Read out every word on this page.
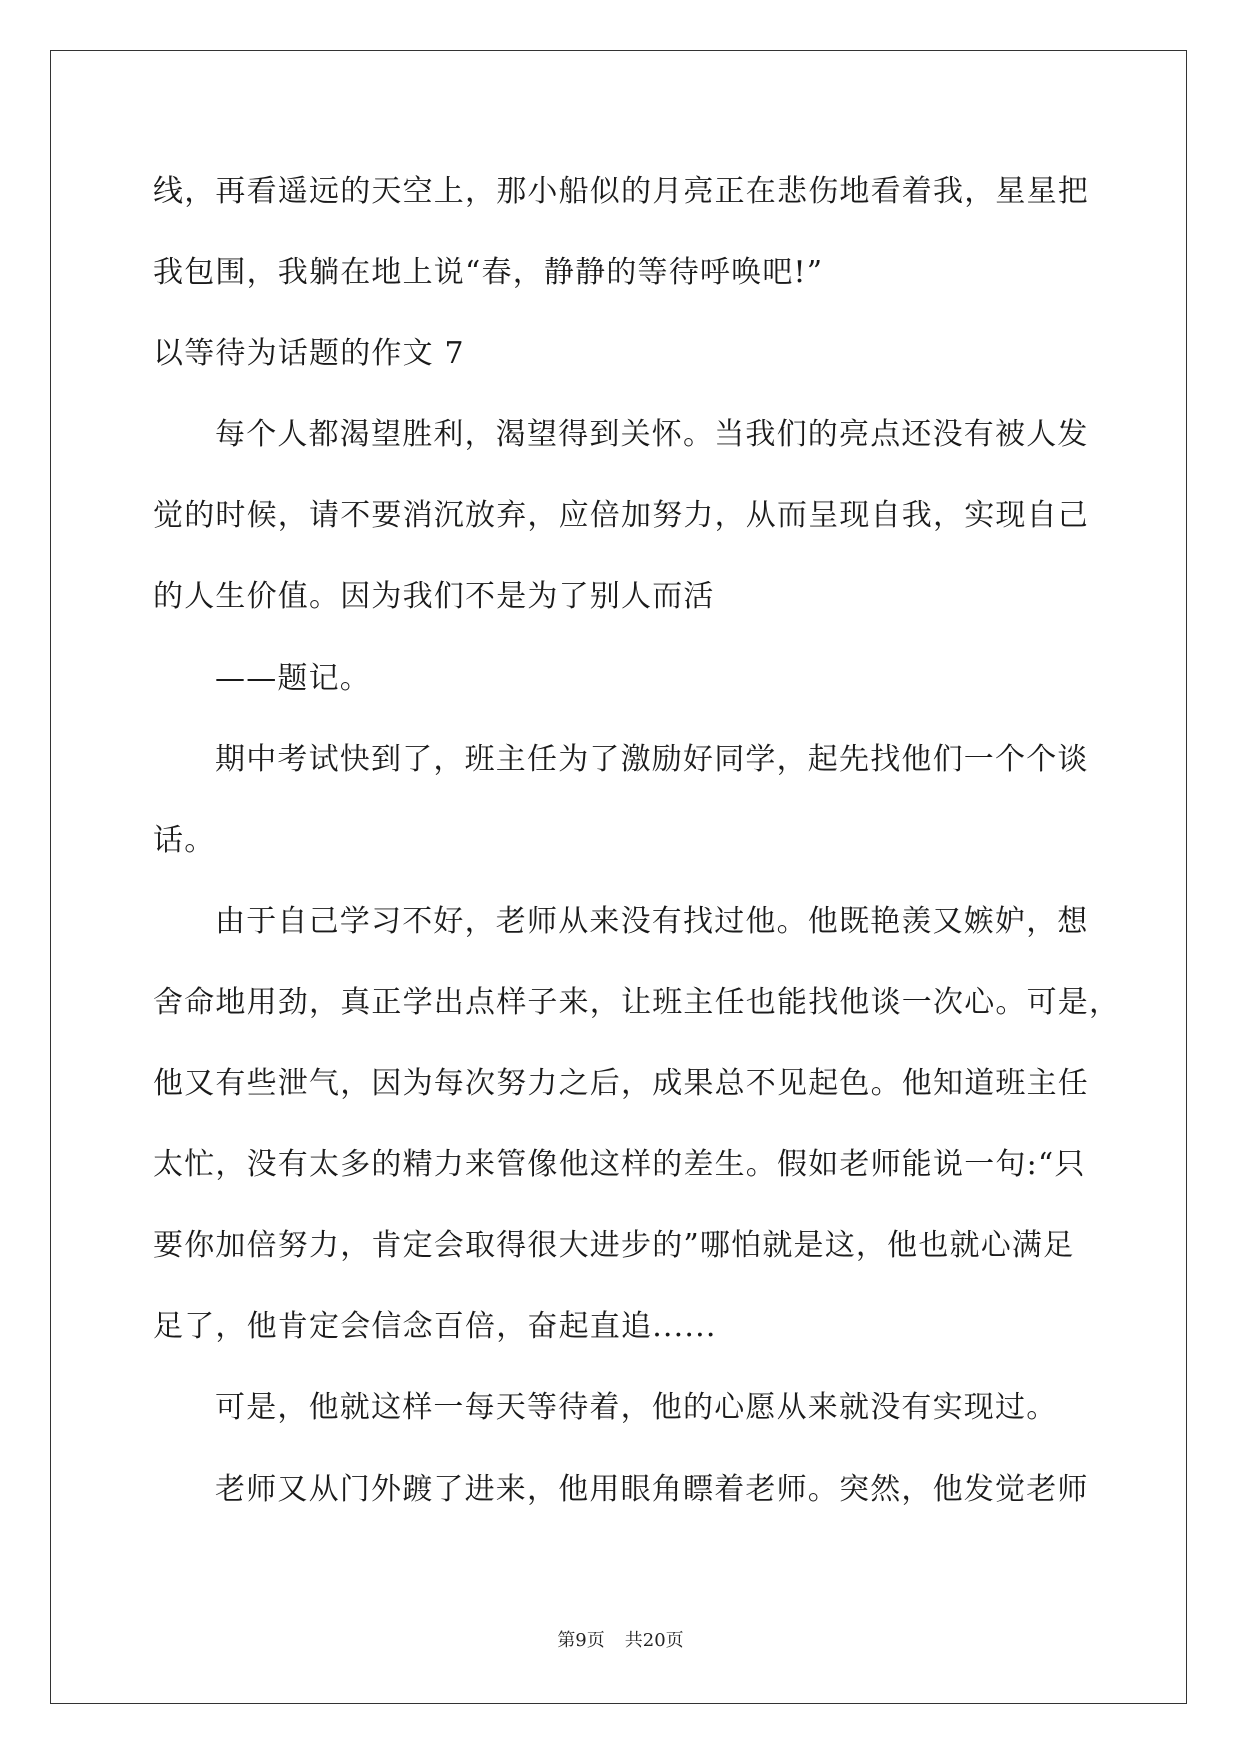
线，再看遥远的天空上，那小船似的月亮正在悲伤地看着我，星星把
我包围，我躺在地上说“春，静静的等待呼唤吧!”
以等待为话题的作文 7
每个人都渴望胜利，渴望得到关怀。当我们的亮点还没有被人发
觉的时候，请不要消沉放弃，应倍加努力，从而呈现自我，实现自己
的人生价值。因为我们不是为了别人而活
——题记。
期中考试快到了，班主任为了激励好同学，起先找他们一个个谈
话。
由于自己学习不好，老师从来没有找过他。他既艳羡又嫉妒，想
舍命地用劲，真正学出点样子来，让班主任也能找他谈一次心。可是，
他又有些泄气，因为每次努力之后，成果总不见起色。他知道班主任
太忙，没有太多的精力来管像他这样的差生。假如老师能说一句:“只
要你加倍努力，肯定会取得很大进步的”哪怕就是这，他也就心满足
足了，他肯定会信念百倍，奋起直追......
可是，他就这样一每天等待着，他的心愿从来就没有实现过。
老师又从门外踱了进来，他用眼角瞟着老师。突然，他发觉老师
第9页 共20页
